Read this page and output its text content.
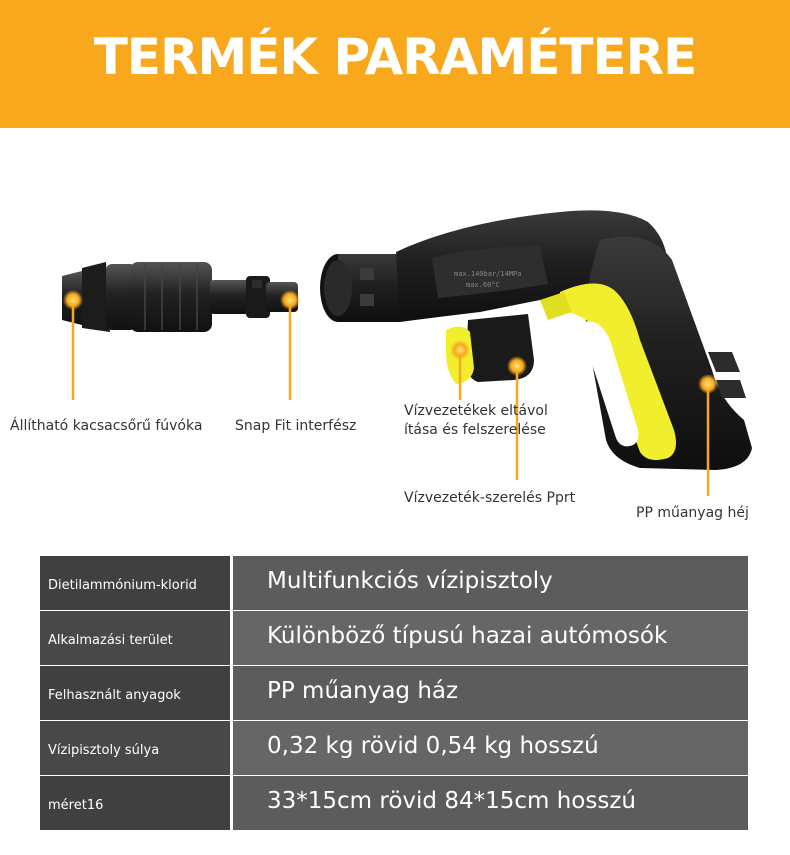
TERMÉK PARAMÉTERE
max.140bar/14MPa
max.60°C
Állítható kacsacsőrű fúvóka Snap Fit interfész
Vízvezetékek eltávol
ítása és felszerelése
Vízvezeték-szerelés Pprt
PP műanyag héj
Dietilammónium-klorid	Multifunkciós vízipisztoly
Alkalmazási terület	Különböző típusú hazai autómosók
Felhasznált anyagok	PP műanyag ház
Vízipisztoly súlya	0,32 kg rövid 0,54 kg hosszú
méret16	33*15cm rövid 84*15cm hosszú
